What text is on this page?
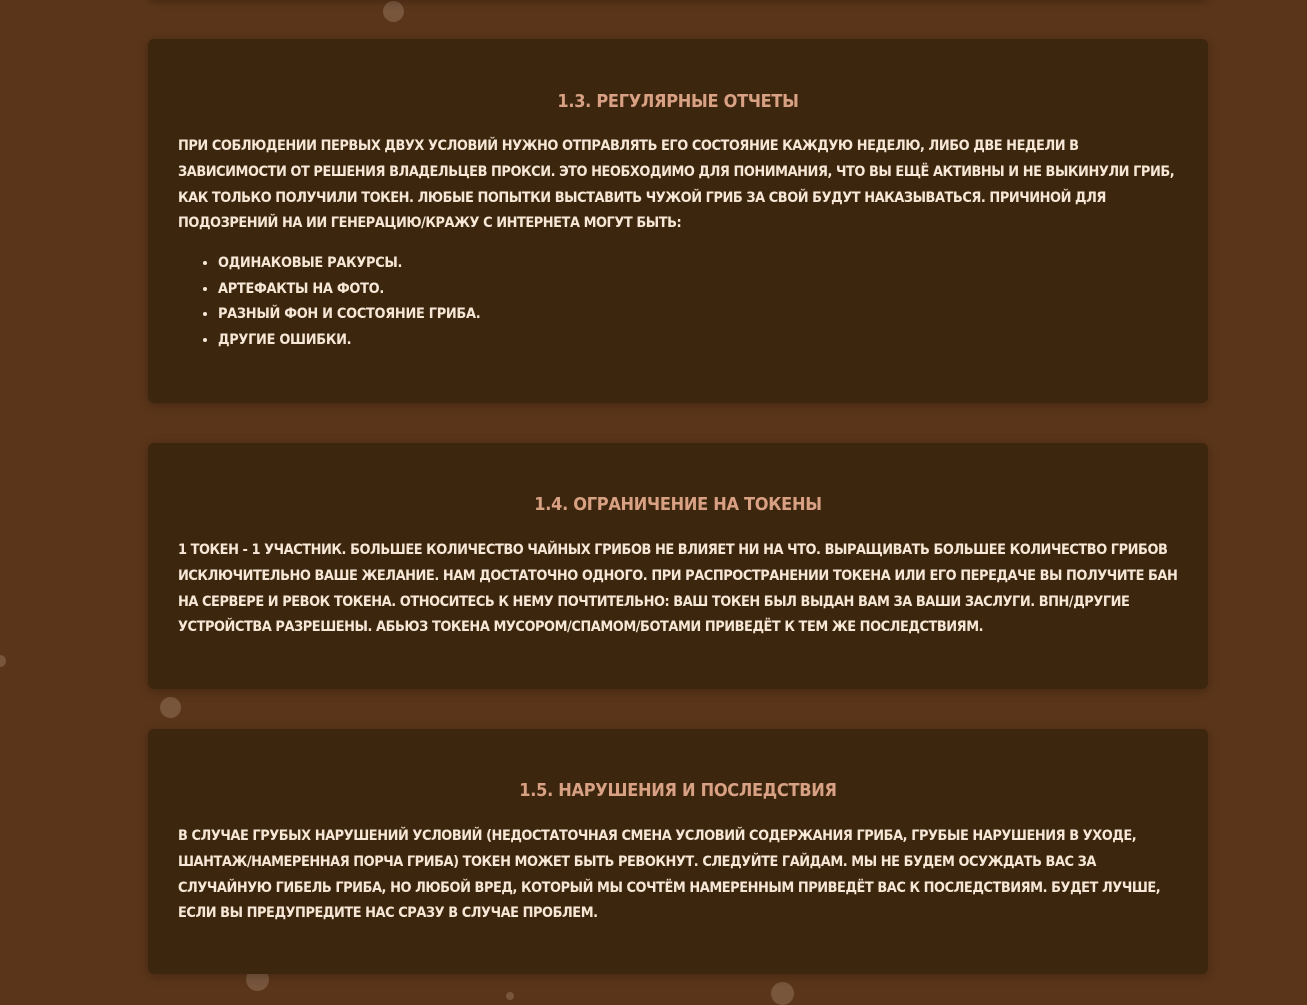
1.3. РЕГУЛЯРНЫЕ ОТЧЕТЫ

ПРИ СОБЛЮДЕНИИ ПЕРВЫХ ДВУХ УСЛОВИЙ НУЖНО ОТПРАВЛЯТЬ ЕГО СОСТОЯНИЕ КАЖДУЮ НЕДЕЛЮ, ЛИБО ДВЕ НЕДЕЛИ В ЗАВИСИМОСТИ ОТ РЕШЕНИЯ ВЛАДЕЛЬЦЕВ ПРОКСИ. ЭТО НЕОБХОДИМО ДЛЯ ПОНИМАНИЯ, ЧТО ВЫ ЕЩЁ АКТИВНЫ И НЕ ВЫКИНУЛИ ГРИБ, КАК ТОЛЬКО ПОЛУЧИЛИ ТОКЕН. ЛЮБЫЕ ПОПЫТКИ ВЫСТАВИТЬ ЧУЖОЙ ГРИБ ЗА СВОЙ БУДУТ НАКАЗЫВАТЬСЯ. ПРИЧИНОЙ ДЛЯ ПОДОЗРЕНИЙ НА ИИ ГЕНЕРАЦИЮ/КРАЖУ С ИНТЕРНЕТА МОГУТ БЫТЬ:

• ОДИНАКОВЫЕ РАКУРСЫ.
• АРТЕФАКТЫ НА ФОТО.
• РАЗНЫЙ ФОН И СОСТОЯНИЕ ГРИБА.
• ДРУГИЕ ОШИБКИ.
1.4. ОГРАНИЧЕНИЕ НА ТОКЕНЫ

1 ТОКЕН - 1 УЧАСТНИК. БОЛЬШЕЕ КОЛИЧЕСТВО ЧАЙНЫХ ГРИБОВ НЕ ВЛИЯЕТ НИ НА ЧТО. ВЫРАЩИВАТЬ БОЛЬШЕЕ КОЛИЧЕСТВО ГРИБОВ ИСКЛЮЧИТЕЛЬНО ВАШЕ ЖЕЛАНИЕ. НАМ ДОСТАТОЧНО ОДНОГО. ПРИ РАСПРОСТРАНЕНИИ ТОКЕНА ИЛИ ЕГО ПЕРЕДАЧЕ ВЫ ПОЛУЧИТЕ БАН НА СЕРВЕРЕ И РЕВОК ТОКЕНА. ОТНОСИТЕСЬ К НЕМУ ПОЧТИТЕЛЬНО: ВАШ ТОКЕН БЫЛ ВЫДАН ВАМ ЗА ВАШИ ЗАСЛУГИ. ВПН/ДРУГИЕ УСТРОЙСТВА РАЗРЕШЕНЫ. АБЬЮЗ ТОКЕНА МУСОРОМ/СПАМОМ/БОТАМИ ПРИВЕДЁТ К ТЕМ ЖЕ ПОСЛЕДСТВИЯМ.

1.5. НАРУШЕНИЯ И ПОСЛЕДСТВИЯ

В СЛУЧАЕ ГРУБЫХ НАРУШЕНИЙ УСЛОВИЙ (НЕДОСТАТОЧНАЯ СМЕНА УСЛОВИЙ СОДЕРЖАНИЯ ГРИБА, ГРУБЫЕ НАРУШЕНИЯ В УХОДЕ, ШАНТАЖ/НАМЕРЕННАЯ ПОРЧА ГРИБА) ТОКЕН МОЖЕТ БЫТЬ РЕВОКНУТ. СЛЕДУЙТЕ ГАЙДАМ. МЫ НЕ БУДЕМ ОСУЖДАТЬ ВАС ЗА СЛУЧАЙНУЮ ГИБЕЛЬ ГРИБА, НО ЛЮБОЙ ВРЕД, КОТОРЫЙ МЫ СОЧТЁМ НАМЕРЕННЫМ ПРИВЕДЁТ ВАС К ПОСЛЕДСТВИЯМ. БУДЕТ ЛУЧШЕ, ЕСЛИ ВЫ ПРЕДУПРЕДИТЕ НАС СРАЗУ В СЛУЧАЕ ПРОБЛЕМ.
